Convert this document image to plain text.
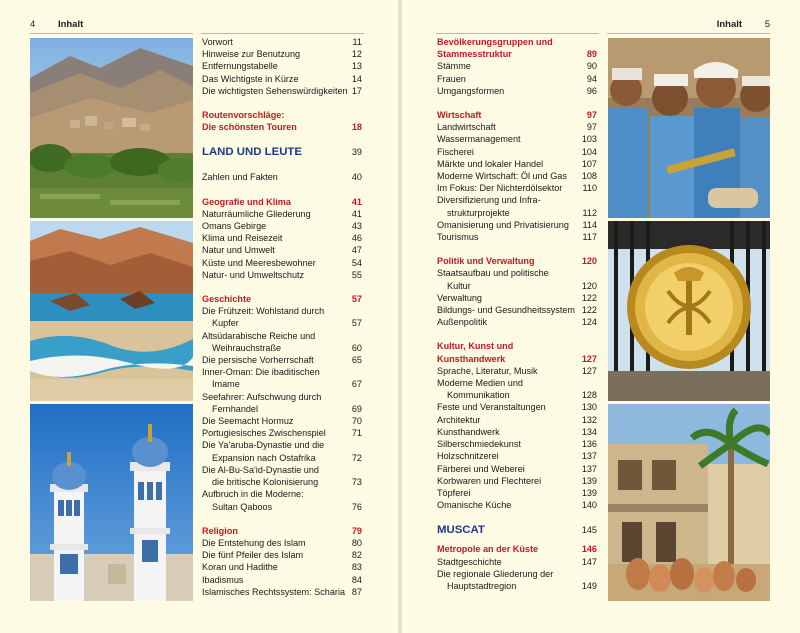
4 Inhalt
Vorwort	11
Hinweise zur Benutzung	12
Entfernungstabelle	13
Das Wichtigste in Kürze	14
Die wichtigsten Sehenswürdigkeiten 17
Routenvorschläge:
Die schönsten Touren	18
LAND UND LEUTE	39
Zahlen und Fakten	40
Geografie und Klima	41
Naturräumliche Gliederung	41
Omans Gebirge	43
Klima und Reisezeit	46
Natur und Umwelt	47
Küste und Meeresbewohner	54
Natur- und Umweltschutz	55
Geschichte	57
Die Frühzeit: Wohlstand durch
Kupfer	57
Altsüdarabische Reiche und
Weihrauchstraße	60
Die persische Vorherrschaft	65
Inner-Oman: Die ibaditischen
Imame	67
Seefahrer: Aufschwung durch
Fernhandel	69
Die Seemacht Hormuz	70
Portugiesisches Zwischenspiel	71
Die Ya'aruba-Dynastie und die
Expansion nach Ostafrika	72
Die Al-Bu-Sa'id-Dynastie und
die britische Kolonisierung	73
Aufbruch in die Moderne:
Sultan Qaboos	76
Religion	79
Die Entstehung des Islam	80
Die fünf Pfeiler des Islam	82
Koran und Hadithe	83
Ibadismus	84
Islamisches Rechtssystem: Scharia 87
Inhalt 5
Bevölkerungsgruppen und
Stammesstruktur	89
Stämme	90
Frauen	94
Umgangsformen	96
Wirtschaft	97
Landwirtschaft	97
Wassermanagement	103
Fischerei	104
Märkte und lokaler Handel	107
Moderne Wirtschaft: Öl und Gas 108
Im Fokus: Der Nichterdölsektor 110
Diversifizierung und Infra-
strukturprojekte	112
Omanisierung und Privatisierung 114
Tourismus	117
Politik und Verwaltung	120
Staatsaufbau und politische
Kultur	120
Verwaltung	122
Bildungs- und Gesundheitssystem 122
Außenpolitik	124
Kultur, Kunst und
Kunsthandwerk	127
Sprache, Literatur, Musik	127
Moderne Medien und
Kommunikation	128
Feste und Veranstaltungen	130
Architektur	132
Kunsthandwerk	134
Silberschmiedekunst	136
Holzschnitzerei	137
Färberei und Weberei	137
Korbwaren und Flechterei	139
Töpferei	139
Omanische Küche	140
MUSCAT	145
Metropole an der Küste	146
Stadtgeschichte	147
Die regionale Gliederung der
Hauptstadtregion	149
